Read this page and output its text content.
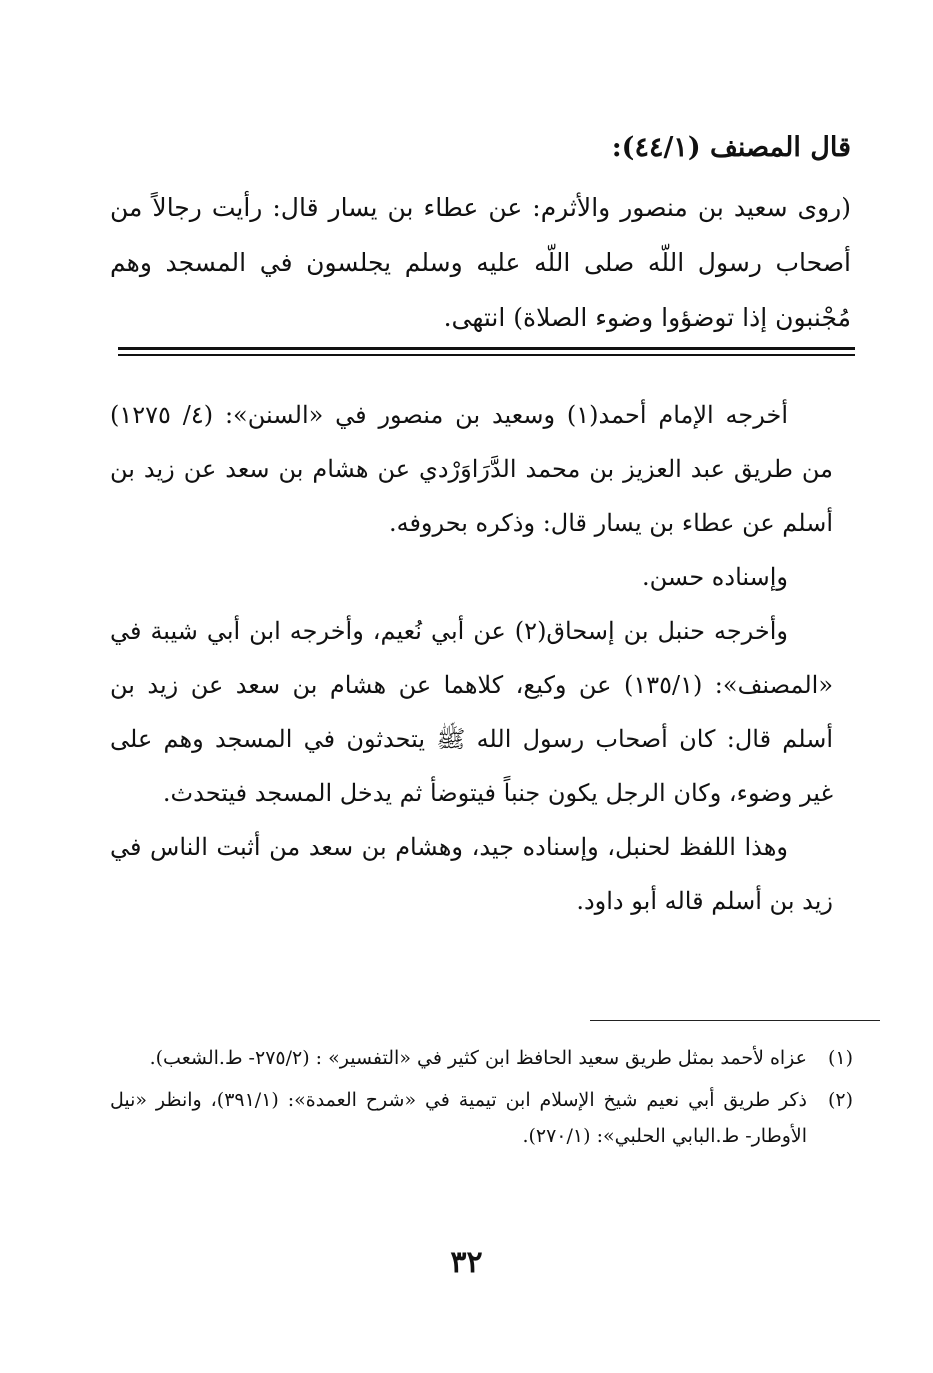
قال المصنف (٤٤/١):
(روى سعيد بن منصور والأثرم: عن عطاء بن يسار قال: رأيت رجالاً من أصحاب رسول اللّه صلى اللّه عليه وسلم يجلسون في المسجد وهم مُجْنبون إذا توضؤوا وضوء الصلاة) انتهى.

أخرجه الإمام أحمد(١) وسعيد بن منصور في «السنن»: (٤/ ١٢٧٥) من طريق عبد العزيز بن محمد الدَّرَاوَرْدي عن هشام بن سعد عن زيد بن أسلم عن عطاء بن يسار قال: وذكره بحروفه.

وإسناده حسن.

وأخرجه حنبل بن إسحاق(٢) عن أبي نُعيم، وأخرجه ابن أبي شيبة في «المصنف»: (١٣٥/١) عن وكيع، كلاهما عن هشام بن سعد عن زيد بن أسلم قال: كان أصحاب رسول الله ﷺ يتحدثون في المسجد وهم على غير وضوء، وكان الرجل يكون جنباً فيتوضأ ثم يدخل المسجد فيتحدث.

وهذا اللفظ لحنبل، وإسناده جيد، وهشام بن سعد من أثبت الناس في زيد بن أسلم قاله أبو داود.

(١)
عزاه لأحمد بمثل طريق سعيد الحافظ ابن كثير في «التفسير» : (٢٧٥/٢- ط.الشعب).
(٢)
ذكر طريق أبي نعيم شيخ الإسلام ابن تيمية في «شرح العمدة»: (٣٩١/١)، وانظر «نيل الأوطار- ط.البابي الحلبي»: (٢٧٠/١).
٣٢
